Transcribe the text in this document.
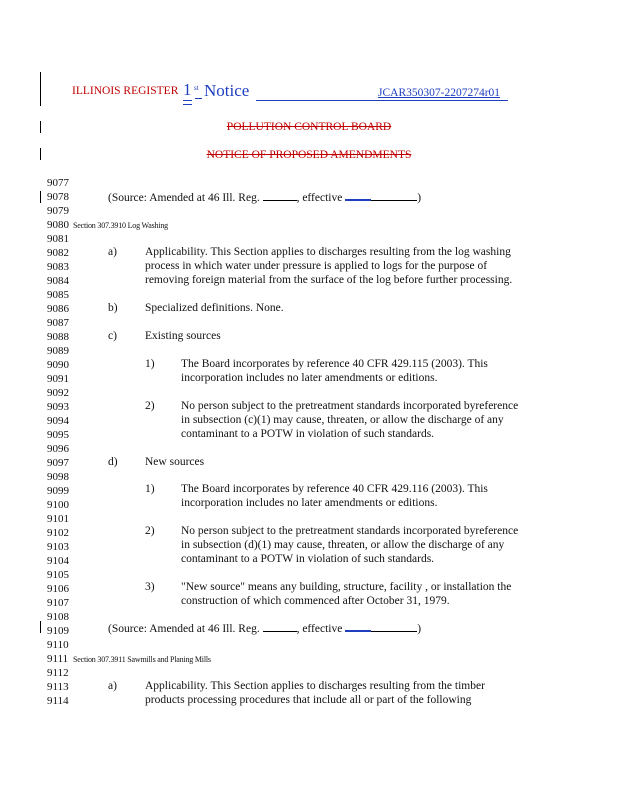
ILLINOIS REGISTER 1 st Notice	JCAR350307-2207274r01
POLLUTION CONTROL BOARD
NOTICE OF PROPOSED AMENDMENTS
9077
9078
9079
9080
9081
9082
9083
9084
9085
9086
9087
9088
9089
9090
9091
9092
9093
9094
9095
9096
9097
9098
9099
9100
9101
9102
9103
9104
9105
9106
9107
9108
9109
9110
9111
9112
9113
9114
(Source: Amended at 46 Ill. Reg.	, effective	)
Section 307.3910 Log Washing
a) Applicability. This Section applies to discharges resulting from the log washing
process in which water under pressure is applied to logs for the purpose of
removing foreign material from the surface of the log before further processing.
b) Specialized definitions. None.
c) Existing sources
1) The Board incorporates by reference 40 CFR 429.115 (2003). This
incorporation includes no later amendments or editions.
2) No person subject to the pretreatment standards incorporated byreference
in subsection (c)(1) may cause, threaten, or allow the discharge of any
contaminant to a POTW in violation of such standards.
d) New sources
1) The Board incorporates by reference 40 CFR 429.116 (2003). This
incorporation includes no later amendments or editions.
2) No person subject to the pretreatment standards incorporated byreference
in subsection (d)(1) may cause, threaten, or allow the discharge of any
contaminant to a POTW in violation of such standards.
3) "New source" means any building, structure, facility , or installation the
construction of which commenced after October 31, 1979.
(Source: Amended at 46 Ill. Reg.	, effective	)
Section 307.3911 Sawmills and Planing Mills
a) Applicability. This Section applies to discharges resulting from the timber
products processing procedures that include all or part of the following
